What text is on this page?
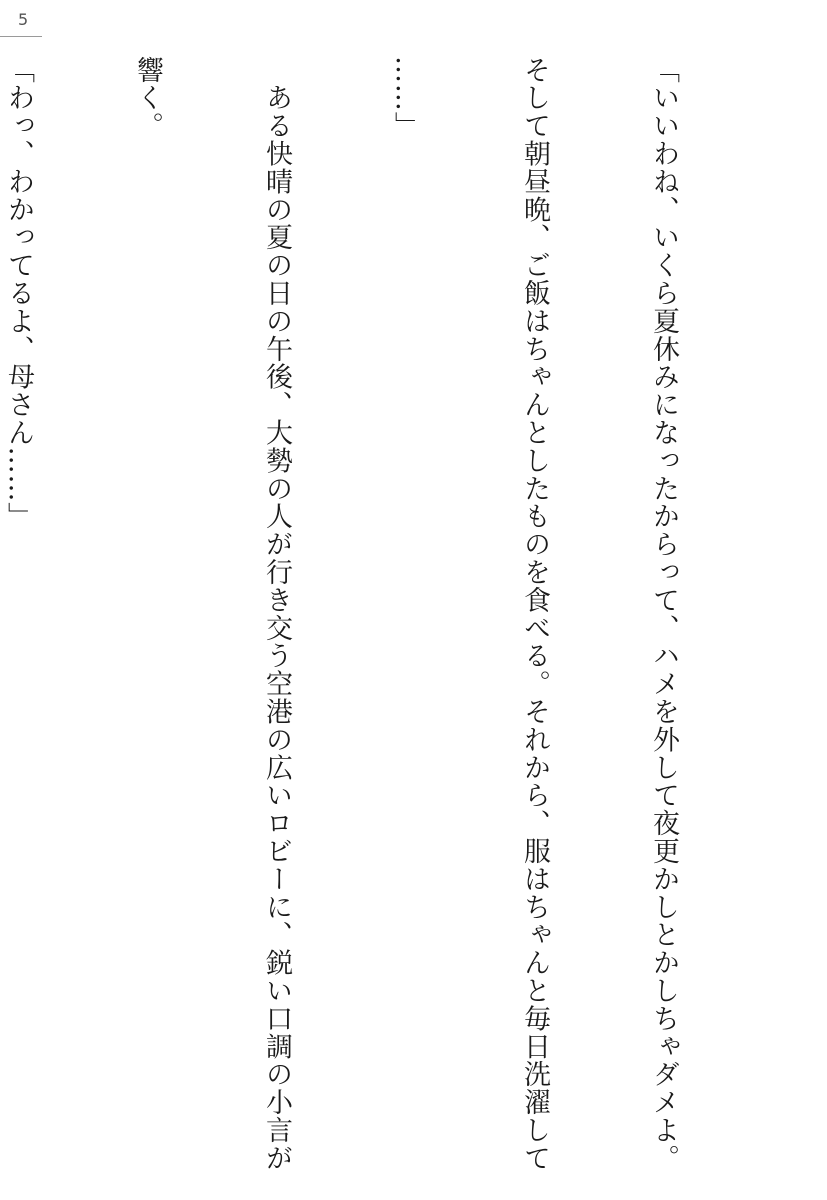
5

「いいわね、いくら夏休みになったからって、ハメを外して夜更かしとかしちゃダメよ。

そして朝昼晩、ご飯はちゃんとしたものを食べる。それから、服はちゃんと毎日洗濯して

……」

　ある快晴の夏の日の午後、大勢の人が行き交う空港の広いロビーに、鋭い口調の小言が

響く。

「わっ、わかってるよ、母さん……」
